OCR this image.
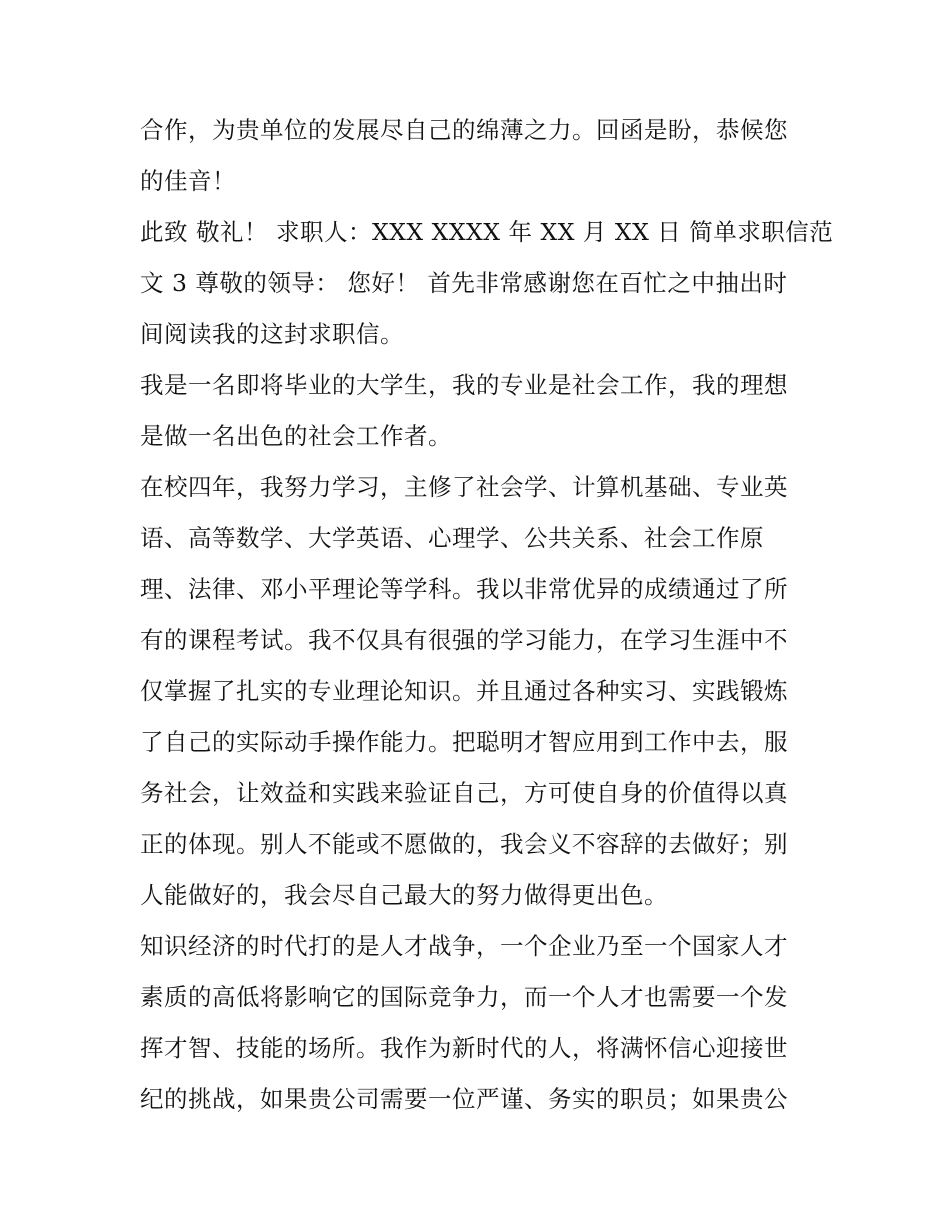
合作，为贵单位的发展尽自己的绵薄之力。回函是盼，恭候您
的佳音！
此致 敬礼！ 求职人：XXX XXXX 年 XX 月 XX 日 简单求职信范
文 3 尊敬的领导： 您好！ 首先非常感谢您在百忙之中抽出时
间阅读我的这封求职信。
我是一名即将毕业的大学生，我的专业是社会工作，我的理想
是做一名出色的社会工作者。
在校四年，我努力学习，主修了社会学、计算机基础、专业英
语、高等数学、大学英语、心理学、公共关系、社会工作原
理、法律、邓小平理论等学科。我以非常优异的成绩通过了所
有的课程考试。我不仅具有很强的学习能力，在学习生涯中不
仅掌握了扎实的专业理论知识。并且通过各种实习、实践锻炼
了自己的实际动手操作能力。把聪明才智应用到工作中去，服
务社会，让效益和实践来验证自己，方可使自身的价值得以真
正的体现。别人不能或不愿做的，我会义不容辞的去做好；别
人能做好的，我会尽自己最大的努力做得更出色。
知识经济的时代打的是人才战争，一个企业乃至一个国家人才
素质的高低将影响它的国际竞争力，而一个人才也需要一个发
挥才智、技能的场所。我作为新时代的人，将满怀信心迎接世
纪的挑战，如果贵公司需要一位严谨、务实的职员；如果贵公
